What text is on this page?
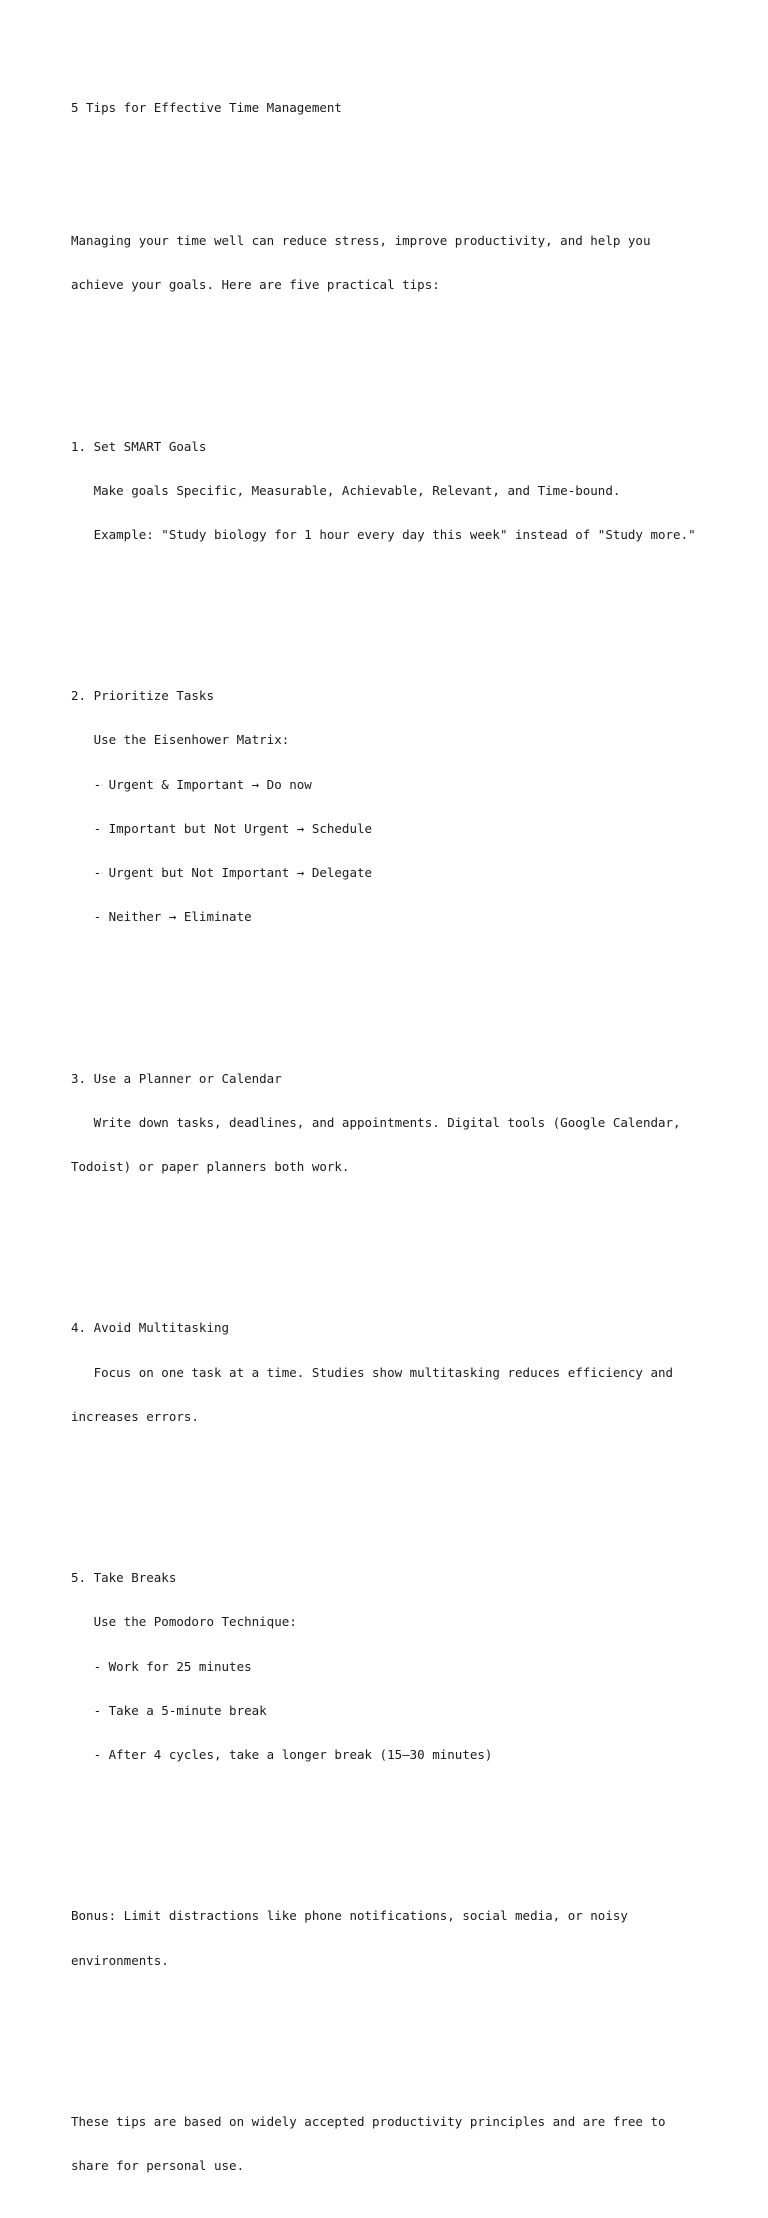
5 Tips for Effective Time Management

Managing your time well can reduce stress, improve productivity, and help you

achieve your goals. Here are five practical tips:

1. Set SMART Goals

Make goals Specific, Measurable, Achievable, Relevant, and Time-bound.

Example: "Study biology for 1 hour every day this week" instead of "Study more."

2. Prioritize Tasks

Use the Eisenhower Matrix:

- Urgent & Important → Do now

- Important but Not Urgent → Schedule

- Urgent but Not Important → Delegate

- Neither → Eliminate

3. Use a Planner or Calendar

Write down tasks, deadlines, and appointments. Digital tools (Google Calendar,

Todoist) or paper planners both work.

4. Avoid Multitasking

Focus on one task at a time. Studies show multitasking reduces efficiency and

increases errors.

5. Take Breaks

Use the Pomodoro Technique:

- Work for 25 minutes

- Take a 5-minute break

- After 4 cycles, take a longer break (15–30 minutes)

Bonus: Limit distractions like phone notifications, social media, or noisy

environments.

These tips are based on widely accepted productivity principles and are free to

share for personal use.
